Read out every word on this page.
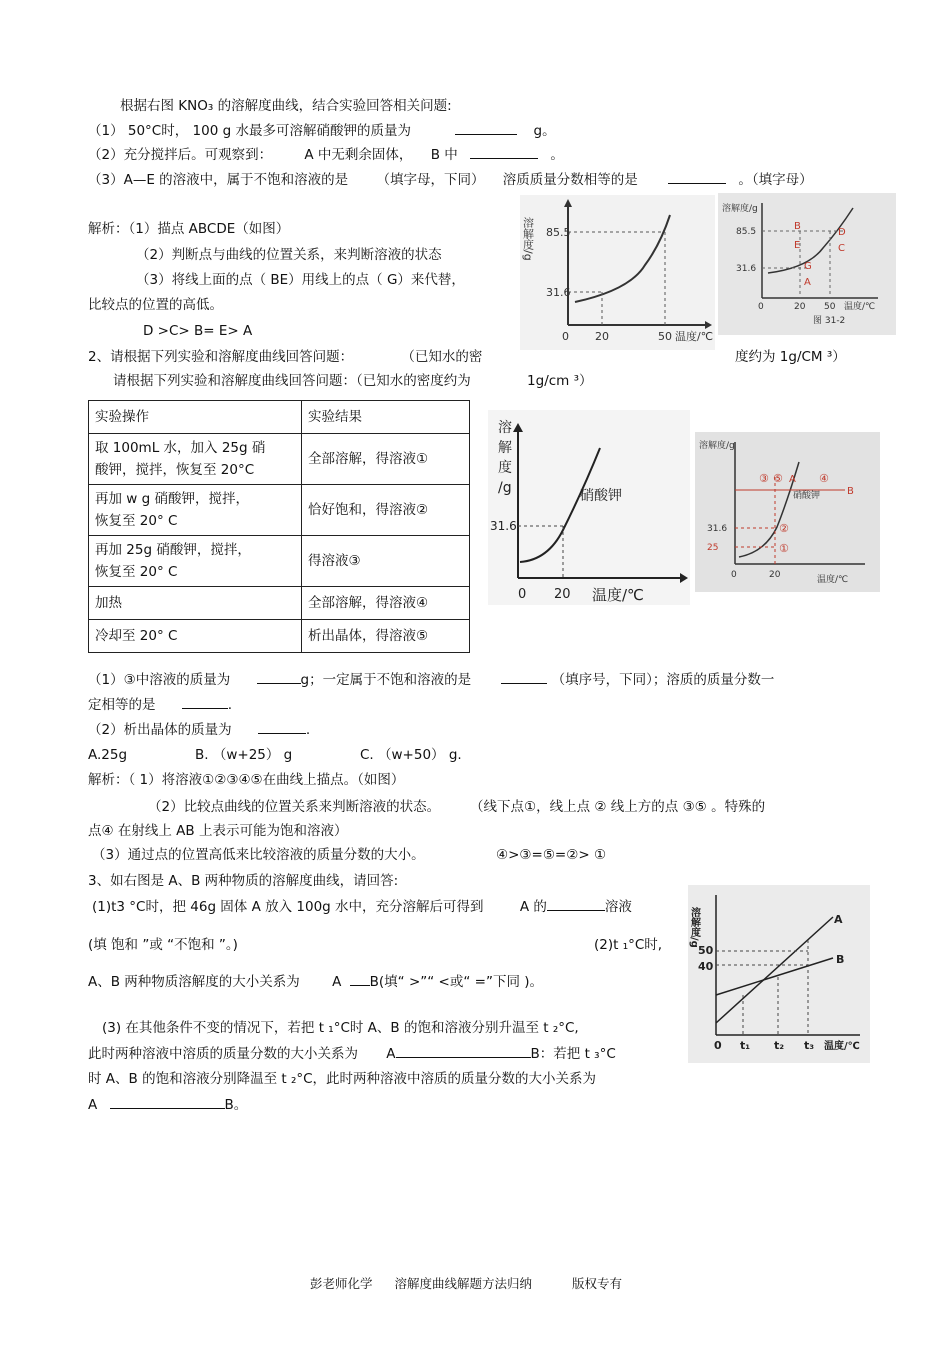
根据右图 KNO₃ 的溶解度曲线，结合实验回答相关问题:
（1） 50°C时， 100 g 水最多可溶解硝酸钾的质量为	g。
（2）充分搅拌后。可观察到： A 中无剩余固体， B 中	。
（3）A—E 的溶液中，属于不饱和溶液的是 （填字母，下同） 溶质质量分数相等的是	。（填字母）
解析：（1）描点 ABCDE（如图）
（2）判断点与曲线的位置关系，来判断溶液的状态
（3）将线上面的点（ BE）用线上的点（ G）来代替，
比较点的位置的高低。
D >C> B= E> A
溶解度/g 85.5
31.6
0 20	50 温度/℃
溶解度/g
85.5
31.6
B
D
E	C
G
A
0	20 50 温度/℃
图 31-2
2、请根据下列实验和溶解度曲线回答问题：	（已知水的密	度约为 1g/CM ³）
请根据下列实验和溶解度曲线回答问题：（已知水的密度约为	1g/cm ³）
实验操作	实验结果

取 100mL 水，加入 25g 硝
酸钾，搅拌，恢复至 20°C	全部溶解，得溶液①

再加 w g 硝酸钾，搅拌，
恢复至 20° C	恰好饱和，得溶液②

再加 25g 硝酸钾，搅拌，
恢复至 20° C	得溶液③
加热	全部溶解，得溶液④
冷却至 20° C	析出晶体，得溶液⑤
溶
解
度
/g
31.6
硝酸钾
0 20 温度/℃
溶解度/g
31.6
25
A
B
④
③ ⑤
②
①
硝酸钾
0	20	温度/℃
（1）③中溶液的质量为	g；一定属于不饱和溶液的是	（填序号，下同）；溶质的质量分数一
定相等的是	.
（2）析出晶体的质量为	.
A.25g	B. （w+25） g	C. （w+50） g.
解析：（ 1）将溶液①②③④⑤在曲线上描点。（如图）
（2）比较点曲线的位置关系来判断溶液的状态。 （线下点①，线上点 ② 线上方的点 ③⑤ 。特殊的
点④ 在射线上 AB 上表示可能为饱和溶液）
（3）通过点的位置高低来比较溶液的质量分数的大小。	④>③=⑤=②> ①
3、如右图是 A、B 两种物质的溶解度曲线，请回答:
(1)t3 °C时，把 46g 固体 A 放入 100g 水中，充分溶解后可得到	A 的	溶液
(填 饱和 ”或 “不饱和 ”。)	(2)t ₁°C时,
A、B 两种物质溶解度的大小关系为 A B(填“ >”“ <或“ =”下同 )。
(3) 在其他条件不变的情况下，若把 t ₁°C时 A、B 的饱和溶液分别升温至 t ₂°C,
此时两种溶液中溶质的质量分数的大小关系为 A	B：若把 t ₃°C
时 A、B 的饱和溶液分别降温至 t ₂°C，此时两种溶液中溶质的质量分数的大小关系为
A	B。
溶解度/g
50
40
A
B
0 t₁ t₂ t₃ 温度/℃
彭老师化学 溶解度曲线解题方法归纳	版权专有
